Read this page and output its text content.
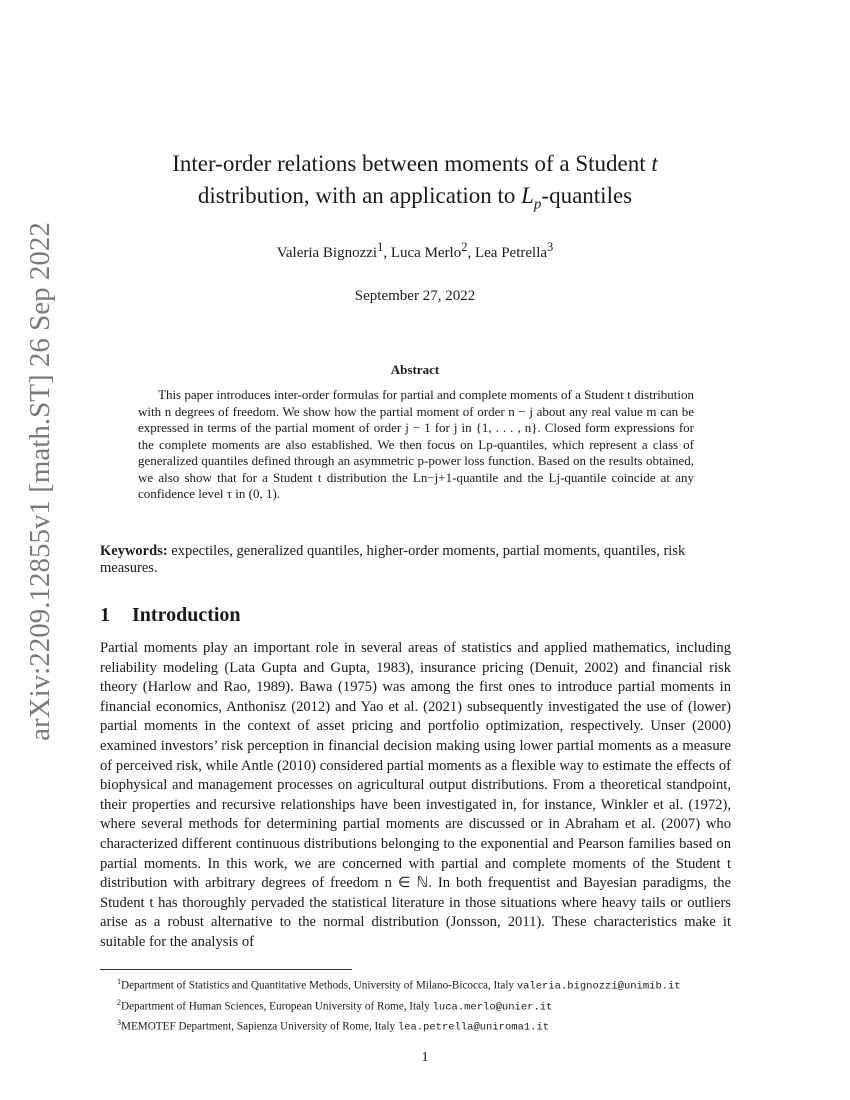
arXiv:2209.12855v1 [math.ST] 26 Sep 2022
Inter-order relations between moments of a Student t
distribution, with an application to $L_p$-quantiles
Valeria Bignozzi$^1$, Luca Merlo$^2$, Lea Petrella$^3$
September 27, 2022
Abstract
This paper introduces inter-order formulas for partial and complete moments of a Student t distribution with n degrees of freedom. We show how the partial moment of order n − j about any real value m can be expressed in terms of the partial moment of order j − 1 for j in {1, . . . , n}. Closed form expressions for the complete moments are also established. We then focus on Lp-quantiles, which represent a class of generalized quantiles defined through an asymmetric p-power loss function. Based on the results obtained, we also show that for a Student t distribution the Ln−j+1-quantile and the Lj-quantile coincide at any confidence level τ in (0, 1).
Keywords: expectiles, generalized quantiles, higher-order moments, partial moments, quantiles, risk measures.
1 Introduction
Partial moments play an important role in several areas of statistics and applied mathematics, including reliability modeling (Lata Gupta and Gupta, 1983), insurance pricing (Denuit, 2002) and financial risk theory (Harlow and Rao, 1989). Bawa (1975) was among the first ones to introduce partial moments in financial economics, Anthonisz (2012) and Yao et al. (2021) subsequently investigated the use of (lower) partial moments in the context of asset pricing and portfolio optimization, respectively. Unser (2000) examined investors’ risk perception in financial decision making using lower partial moments as a measure of perceived risk, while Antle (2010) considered partial moments as a flexible way to estimate the effects of biophysical and management processes on agricultural output distributions. From a theoretical standpoint, their properties and recursive relationships have been investigated in, for instance, Winkler et al. (1972), where several methods for determining partial moments are discussed or in Abraham et al. (2007) who characterized different continuous distributions belonging to the exponential and Pearson families based on partial moments. In this work, we are concerned with partial and complete moments of the Student t distribution with arbitrary degrees of freedom n ∈ ℕ. In both frequentist and Bayesian paradigms, the Student t has thoroughly pervaded the statistical literature in those situations where heavy tails or outliers arise as a robust alternative to the normal distribution (Jonsson, 2011). These characteristics make it suitable for the analysis of
$^1$Department of Statistics and Quantitative Methods, University of Milano-Bicocca, Italy valeria.bignozzi@unimib.it
$^2$Department of Human Sciences, European University of Rome, Italy luca.merlo@unier.it
$^3$MEMOTEF Department, Sapienza University of Rome, Italy lea.petrella@uniroma1.it
1
